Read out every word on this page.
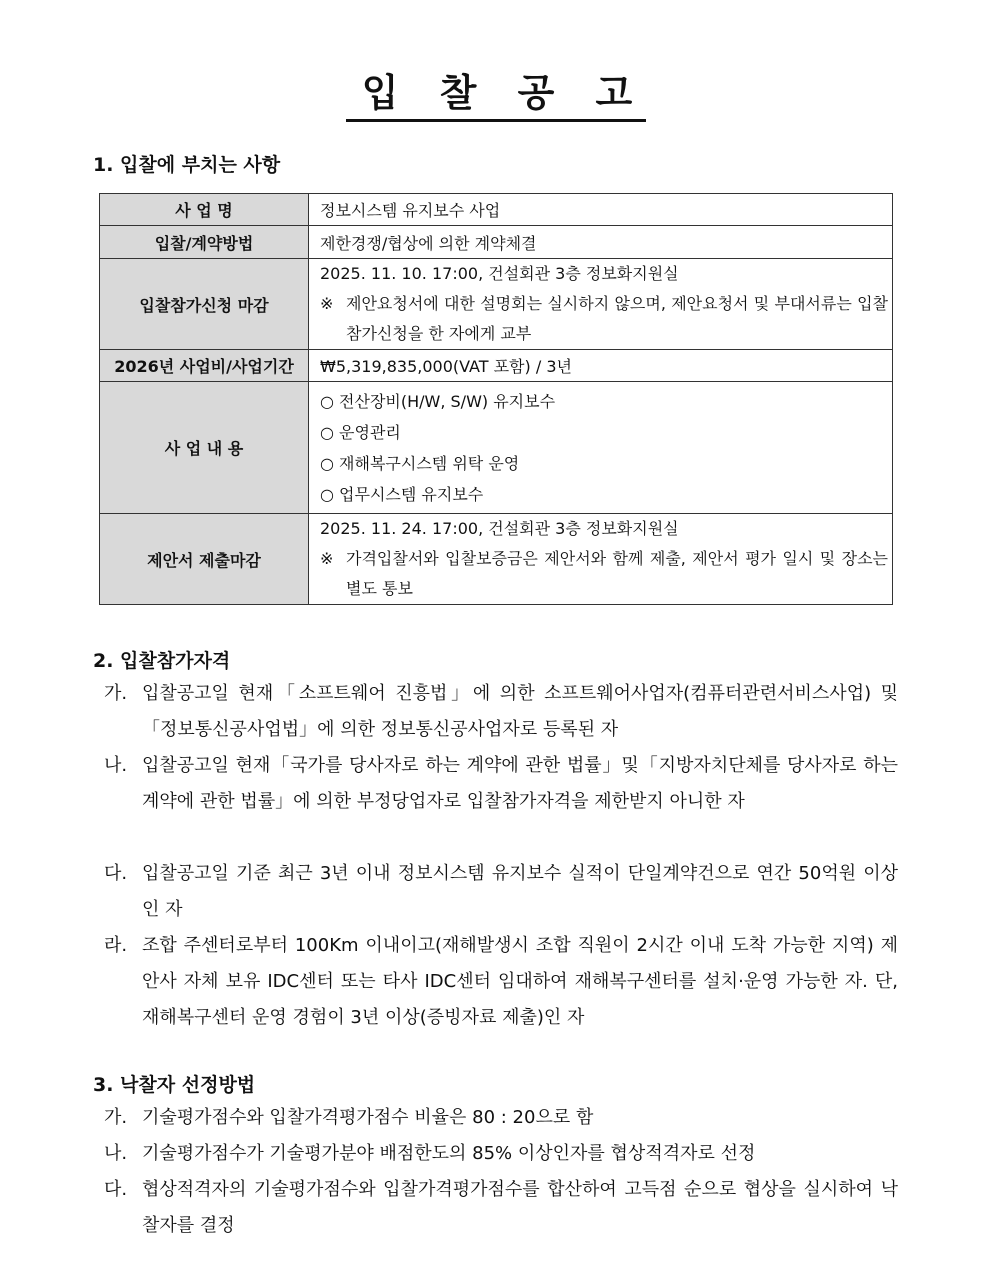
입 찰 공 고
1. 입찰에 부치는 사항
사 업 명	정보시스템 유지보수 사업
입찰/계약방법	제한경쟁/협상에 의한 계약체결
입찰참가신청 마감	2025. 11. 10. 17:00, 건설회관 3층 정보화지원실
※ 제안요청서에 대한 설명회는 실시하지 않으며, 제안요청서 및 부대서류는 입찰참가신청을 한 자에게 교부

2026년 사업비/사업기간	₩5,319,835,000(VAT 포함) / 3년
사 업 내 용	○ 전산장비(H/W, S/W) 유지보수
○ 운영관리
○ 재해복구시스템 위탁 운영
○ 업무시스템 유지보수

제안서 제출마감	2025. 11. 24. 17:00, 건설회관 3층 정보화지원실
※ 가격입찰서와 입찰보증금은 제안서와 함께 제출, 제안서 평가 일시 및 장소는 별도 통보
2. 입찰참가자격
가. 입찰공고일 현재「소프트웨어 진흥법」에 의한 소프트웨어사업자(컴퓨터관련서비스사업) 및「정보통신공사업법」에 의한 정보통신공사업자로 등록된 자
나. 입찰공고일 현재「국가를 당사자로 하는 계약에 관한 법률」및「지방자치단체를 당사자로 하는 계약에 관한 법률」에 의한 부정당업자로 입찰참가자격을 제한받지 아니한 자
다. 입찰공고일 기준 최근 3년 이내 정보시스템 유지보수 실적이 단일계약건으로 연간 50억원 이상인 자
라. 조합 주센터로부터 100Km 이내이고(재해발생시 조합 직원이 2시간 이내 도착 가능한 지역) 제안사 자체 보유 IDC센터 또는 타사 IDC센터 임대하여 재해복구센터를 설치·운영 가능한 자. 단, 재해복구센터 운영 경험이 3년 이상(증빙자료 제출)인 자
3. 낙찰자 선정방법
가. 기술평가점수와 입찰가격평가점수 비율은 80 : 20으로 함
나. 기술평가점수가 기술평가분야 배점한도의 85% 이상인자를 협상적격자로 선정
다. 협상적격자의 기술평가점수와 입찰가격평가점수를 합산하여 고득점 순으로 협상을 실시하여 낙찰자를 결정
